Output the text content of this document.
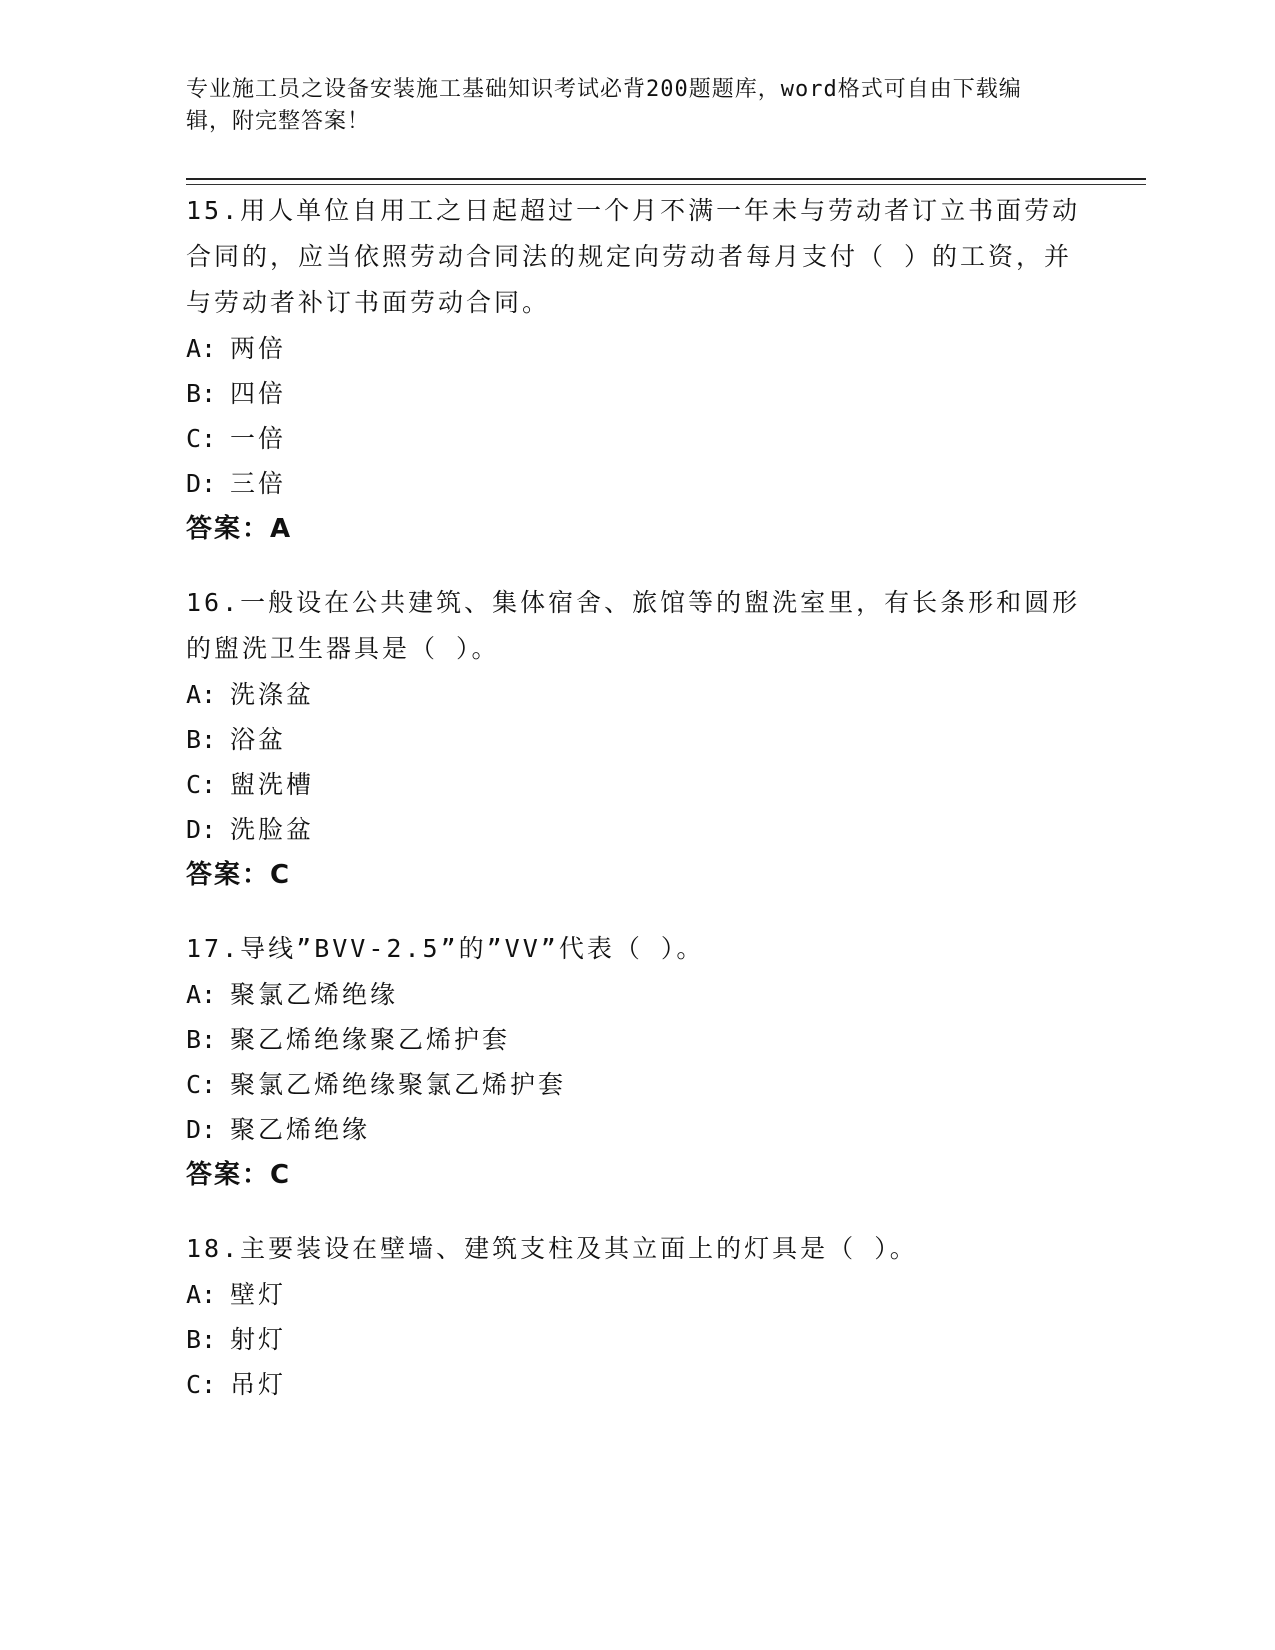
专业施工员之设备安装施工基础知识考试必背200题题库，word格式可自由下载编辑，附完整答案！
15.用人单位自用工之日起超过一个月不满一年未与劳动者订立书面劳动合同的，应当依照劳动合同法的规定向劳动者每月支付（ ）的工资，并与劳动者补订书面劳动合同。
A: 两倍
B: 四倍
C: 一倍
D: 三倍
答案：A
16.一般设在公共建筑、集体宿舍、旅馆等的盥洗室里，有长条形和圆形的盥洗卫生器具是（ ）。
A: 洗涤盆
B: 浴盆
C: 盥洗槽
D: 洗脸盆
答案：C
17.导线”BVV-2.5”的”VV”代表（ ）。
A: 聚氯乙烯绝缘
B: 聚乙烯绝缘聚乙烯护套
C: 聚氯乙烯绝缘聚氯乙烯护套
D: 聚乙烯绝缘
答案：C
18.主要装设在壁墙、建筑支柱及其立面上的灯具是（ ）。
A: 壁灯
B: 射灯
C: 吊灯
